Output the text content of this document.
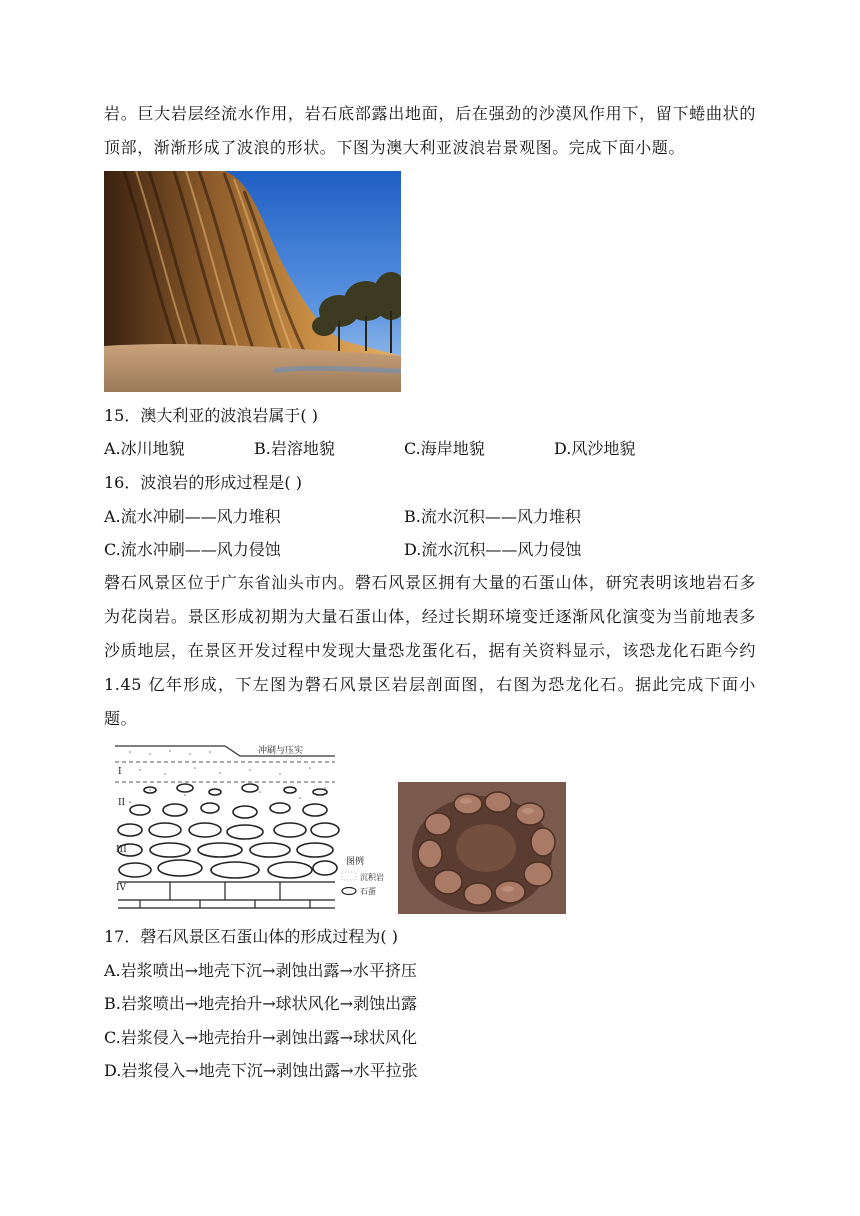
岩。巨大岩层经流水作用，岩石底部露出地面，后在强劲的沙漠风作用下，留下蜷曲状的顶部，渐渐形成了波浪的形状。下图为澳大利亚波浪岩景观图。完成下面小题。

15．澳大利亚的波浪岩属于( )

A.冰川地貌	B.岩溶地貌	C.海岸地貌	D.风沙地貌

16．波浪岩的形成过程是( )

A.流水冲刷——风力堆积	B.流水沉积——风力堆积
C.流水冲刷——风力侵蚀	D.流水沉积——风力侵蚀

磬石风景区位于广东省汕头市内。磬石风景区拥有大量的石蛋山体，研究表明该地岩石多为花岗岩。景区形成初期为大量石蛋山体，经过长期环境变迁逐渐风化演变为当前地表多沙质地层，在景区开发过程中发现大量恐龙蛋化石，据有关资料显示，该恐龙化石距今约 1.45 亿年形成，下左图为磬石风景区岩层剖面图，右图为恐龙化石。据此完成下面小题。

冲刷与压实
I
II
III
IV
图例
沉积岩
石蛋

17．磬石风景区石蛋山体的形成过程为( )

A.岩浆喷出→地壳下沉→剥蚀出露→水平挤压
B.岩浆喷出→地壳抬升→球状风化→剥蚀出露
C.岩浆侵入→地壳抬升→剥蚀出露→球状风化
D.岩浆侵入→地壳下沉→剥蚀出露→水平拉张
